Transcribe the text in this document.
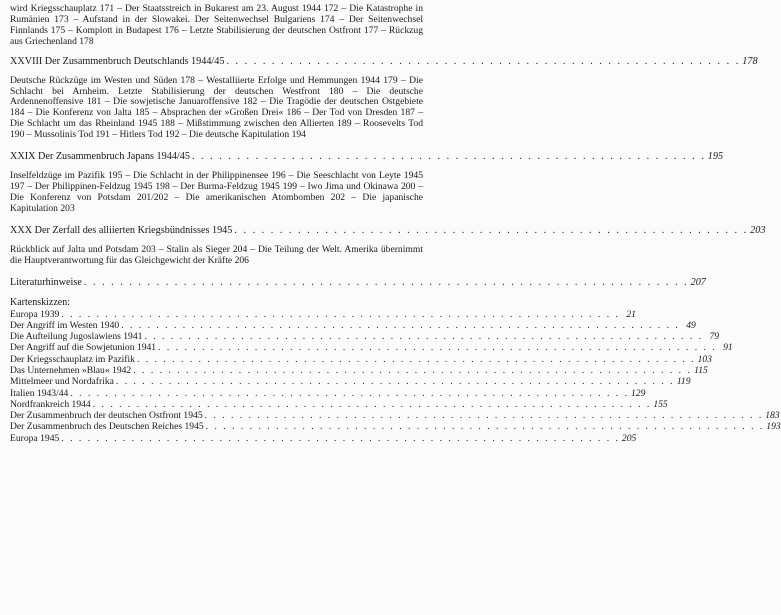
wird Kriegsschauplatz 171 – Der Staatsstreich in Bukarest am 23. August 1944 172 – Die Katastrophe in Rumänien 173 – Aufstand in der Slowakei. Der Seitenwechsel Bulgariens 174 – Der Seitenwechsel Finnlands 175 – Komplott in Budapest 176 – Letzte Stabilisierung der deutschen Ostfront 177 – Rückzug aus Griechenland 178

XXVIII Der Zusammenbruch Deutschlands 1944/45 . . . . . . . . . . . . . . . . . . . . . . . . . . . . . . . . . . . . . . . . . . . . . . . . . . . . . . . . . 178

Deutsche Rückzüge im Westen und Süden 178 – Westalliierte Erfolge und Hemmungen 1944 179 – Die Schlacht bei Arnheim. Letzte Stabilisierung der deutschen Westfront 180 – Die deutsche Ardennenoffensive 181 – Die sowjetische Januaroffensive 182 – Die Tragödie der deutschen Ostgebiete 184 – Die Konferenz von Jalta 185 – Absprachen der »Großen Drei« 186 – Der Tod von Dresden 187 – Die Schlacht um das Rheinland 1945 188 – Mißstimmung zwischen den Allierten 189 – Roosevelts Tod 190 – Mussolinis Tod 191 – Hitlers Tod 192 – Die deutsche Kapitulation 194

XXIX Der Zusammenbruch Japans 1944/45 . . . . . . . . . . . . . . . . . . . . . . . . . . . . . . . . . . . . . . . . . . . . . . . . . . . . . . . . . 195

Inselfeldzüge im Pazifik 195 – Die Schlacht in der Philippinensee 196 – Die Seeschlacht von Leyte 1945 197 – Der Philippinen-Feldzug 1945 198 – Der Burma-Feldzug 1945 199 – Iwo Jima und Okinawa 200 – Die Konferenz von Potsdam 201/202 – Die amerikanischen Atombomben 202 – Die japanische Kapitulation 203

XXX Der Zerfall des alliierten Kriegsbündnisses 1945 . . . . . . . . . . . . . . . . . . . . . . . . . . . . . . . . . . . . . . . . . . . . . . . . . . . . . . . . . 203

Rückblick auf Jalta und Potsdam 203 – Stalin als Sieger 204 – Die Teilung der Welt. Amerika übernimmt die Hauptverantwortung für das Gleichgewicht der Kräfte 206

Literaturhinweise . . . . . . . . . . . . . . . . . . . . . . . . . . . . . . . . . . . . . . . . . . . . . . . . . . . . . . . . . . . . . . . . . . . 207
Kartenskizzen:
Europa 1939 . . . . . . . . . . . . . . . . . . . . . . . . . . . . . . . . . . . . . . . . . . . . . . . . . . . . . . . . . . . . . . . . 21
Der Angriff im Westen 1940 . . . . . . . . . . . . . . . . . . . . . . . . . . . . . . . . . . . . . . . . . . . . . . . . . . . . . . . . . . . . . . . . 49
Die Aufteilung Jugoslawiens 1941 . . . . . . . . . . . . . . . . . . . . . . . . . . . . . . . . . . . . . . . . . . . . . . . . . . . . . . . . . . . . . . . . 79
Der Angriff auf die Sowjetunion 1941 . . . . . . . . . . . . . . . . . . . . . . . . . . . . . . . . . . . . . . . . . . . . . . . . . . . . . . . . . . . . . . . . 91
Der Kriegsschauplatz im Pazifik . . . . . . . . . . . . . . . . . . . . . . . . . . . . . . . . . . . . . . . . . . . . . . . . . . . . . . . . . . . . . . . . 103
Das Unternehmen »Blau« 1942 . . . . . . . . . . . . . . . . . . . . . . . . . . . . . . . . . . . . . . . . . . . . . . . . . . . . . . . . . . . . . . . . 115
Mittelmeer und Nordafrika . . . . . . . . . . . . . . . . . . . . . . . . . . . . . . . . . . . . . . . . . . . . . . . . . . . . . . . . . . . . . . . . 119
Italien 1943/44 . . . . . . . . . . . . . . . . . . . . . . . . . . . . . . . . . . . . . . . . . . . . . . . . . . . . . . . . . . . . . . . . 129
Nordfrankreich 1944 . . . . . . . . . . . . . . . . . . . . . . . . . . . . . . . . . . . . . . . . . . . . . . . . . . . . . . . . . . . . . . . . 155
Der Zusammenbruch der deutschen Ostfront 1945 . . . . . . . . . . . . . . . . . . . . . . . . . . . . . . . . . . . . . . . . . . . . . . . . . . . . . . . . . . . . . . . . 183
Der Zusammenbruch des Deutschen Reiches 1945 . . . . . . . . . . . . . . . . . . . . . . . . . . . . . . . . . . . . . . . . . . . . . . . . . . . . . . . . . . . . . . . . 193
Europa 1945 . . . . . . . . . . . . . . . . . . . . . . . . . . . . . . . . . . . . . . . . . . . . . . . . . . . . . . . . . . . . . . . . 205
